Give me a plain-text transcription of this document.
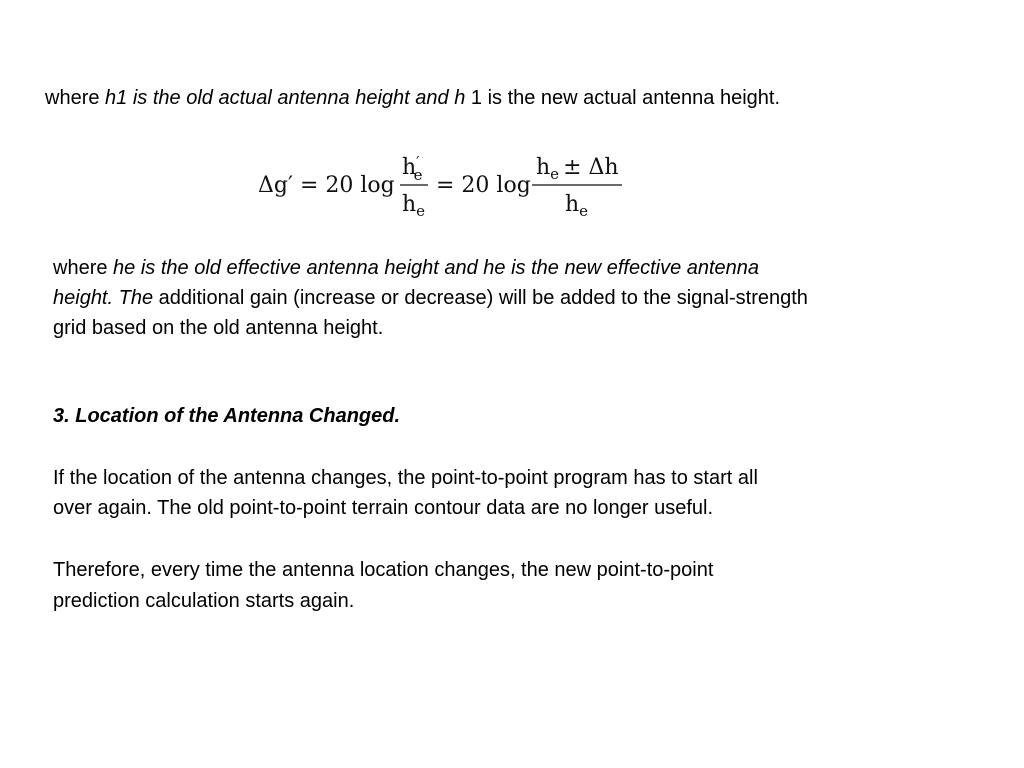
where h1 is the old actual antenna height and h 1 is the new actual antenna height.
Δg′ = 20 log
h′ e
$h_e$
= 20 log
$h_e \pm \Delta h$
$h_e$
where he is the old effective antenna height and he is the new effective antenna
height. The additional gain (increase or decrease) will be added to the signal-strength
grid based on the old antenna height.
3. Location of the Antenna Changed.
If the location of the antenna changes, the point-to-point program has to start all
over again. The old point-to-point terrain contour data are no longer useful.
Therefore, every time the antenna location changes, the new point-to-point
prediction calculation starts again.
